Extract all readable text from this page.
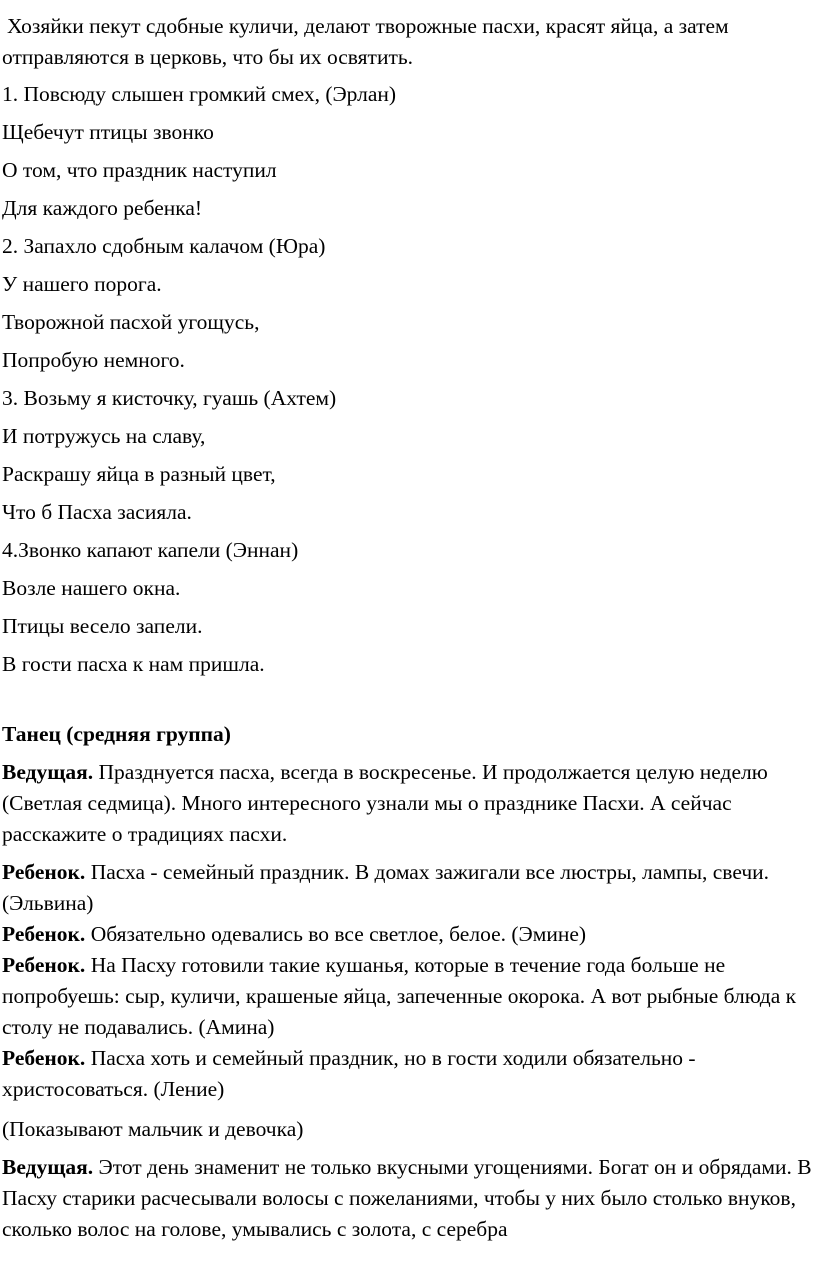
Хозяйки пекут сдобные куличи, делают творожные пасхи, красят яйца, а затем отправляются в церковь, что бы их освятить.

1. Повсюду слышен громкий смех, (Эрлан)

Щебечут птицы звонко

О том, что праздник наступил

Для каждого ребенка!

2. Запахло сдобным калачом (Юра)

У нашего порога.

Творожной пасхой угощусь,

Попробую немного.

3. Возьму я кисточку, гуашь (Ахтем)

И потружусь на славу,

Раскрашу яйца в разный цвет,

Что б Пасха засияла.

4.Звонко капают капели (Эннан)

Возле нашего окна.

Птицы весело запели.

В гости пасха к нам пришла.

Танец (средняя группа)

Ведущая. Празднуется пасха, всегда в воскресенье. И продолжается целую неделю (Светлая седмица). Много интересного узнали мы о празднике Пасхи. А сейчас расскажите о традициях пасхи.

Ребенок. Пасха - семейный праздник. В домах зажигали все люстры, лампы, свечи. (Эльвина)

Ребенок. Обязательно одевались во все светлое, белое. (Эмине)

Ребенок. На Пасху готовили такие кушанья, которые в течение года больше не попробуешь: сыр, куличи, крашеные яйца, запеченные окорока. А вот рыбные блюда к столу не подавались. (Амина)

Ребенок. Пасха хоть и семейный праздник, но в гости ходили обязательно - христосоваться. (Ление)

(Показывают мальчик и девочка)

Ведущая. Этот день знаменит не только вкусными угощениями. Богат он и обрядами. В Пасху старики расчесывали волосы с пожеланиями, чтобы у них было столько внуков, сколько волос на голове, умывались с золота, с серебра
